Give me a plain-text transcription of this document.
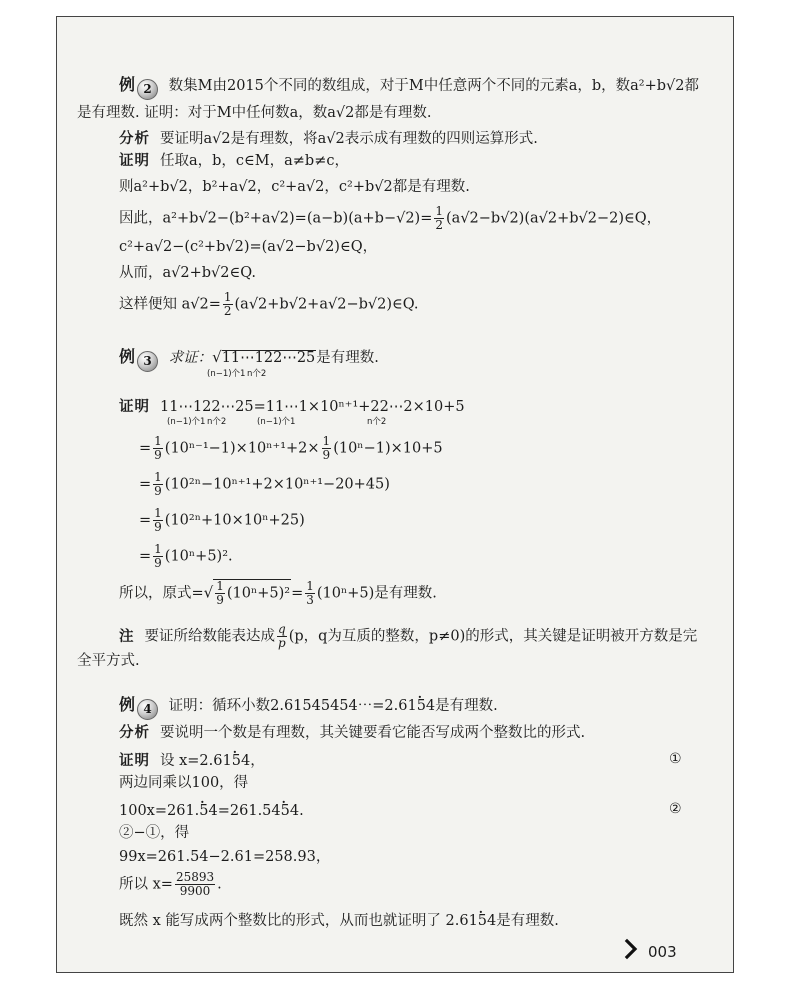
例 2 数集M由2015个不同的数组成，对于M中任意两个不同的元素a，b，数a²+b√2都
是有理数. 证明：对于M中任何数a，数a√2都是有理数.
分析 要证明a√2是有理数，将a√2表示成有理数的四则运算形式.
证明 任取a，b，c∈M，a≠b≠c，
则a²+b√2，b²+a√2，c²+a√2，c²+b√2都是有理数.
因此，$a^2+b√2-(b^2+a√2)=(a-b)(a+b-√2)= \frac{1}{2}$ (a√2−b√2)(a√2+b√2−2)∈Q，
c²+a√2−(c²+b√2)=(a√2−b√2)∈Q，
从而，a√2+b√2∈Q.
这样便知 $a√2= \frac{1}{2}$ (a√2+b√2+a√2−b√2)∈Q.
例 3 求证：√11⋯122⋯25是有理数.
(n−1)个1 n个2
证明 11⋯122⋯25=11⋯1×10ⁿ⁺¹+22⋯2×10+5
(n−1)个1 n个2	(n−1)个1	n个2
= $\frac{1}{9} (10^{n-1}-1)\times 10^{n+1}+2\times \frac{1}{9} (10^n-1)\times 10+5$
= $\frac{1}{9} (10^{2n}-10^{n+1}+2\times 10^{n+1}-20+45)$
= $\frac{1}{9} (10^{2n}+10\times 10^n+25)$
= $\frac{1}{9} (10^n+5)^2$.
所以，原式=√ $\frac{1}{9} (10^n+5)^2= \frac{1}{3} (10^n+5)$是有理数.
注 要证所给数能表达成 $\frac{q}{p} (p$，q为互质的整数，p≠0)的形式，其关键是证明被开方数是完
全平方式.
例 4 证明：循环小数2.61545454⋯=2.61· 54是有理数.
分析 要说明一个数是有理数，其关键要看它能否写成两个整数比的形式.
证明 设 x=2.61· 54，	①
两边同乘以100，得
100x=261.· 54=261.54· 54.	②
②−①，得
99x=261.54−2.61=258.93，
所以 $x= \frac{25893}{9900}$ .
既然 x 能写成两个整数比的形式，从而也就证明了 2.61· 54是有理数.
003
